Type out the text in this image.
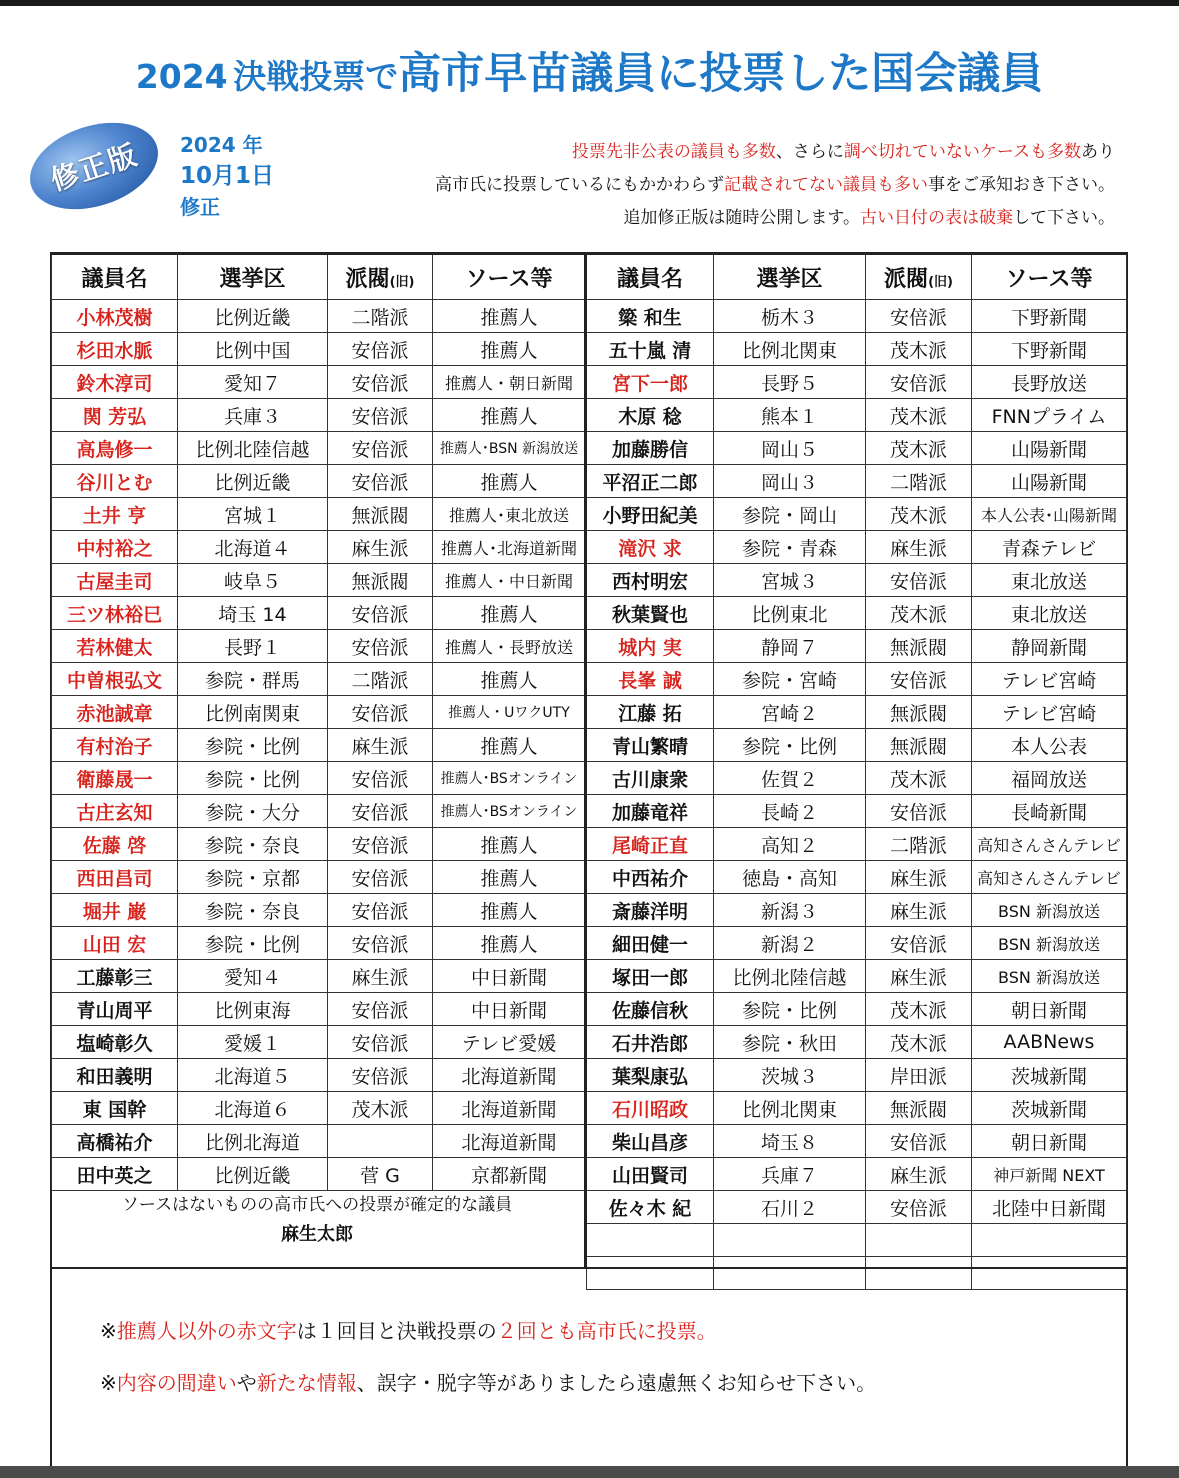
2024 決戦投票で高市早苗議員に投票した国会議員
修正版 2024 年
10月1日
修正
投票先非公表の議員も多数、さらに調べ切れていないケースも多数あり
高市氏に投票しているにもかかわらず記載されてない議員も多い事をご承知おき下さい。
追加修正版は随時公開します。古い日付の表は破棄して下さい。
議員名	選挙区	派閥(旧)	ソース等
小林茂樹	比例近畿	二階派	推薦人
杉田水脈	比例中国	安倍派	推薦人
鈴木淳司	愛知７	安倍派	推薦人・朝日新聞
関 芳弘	兵庫３	安倍派	推薦人
高鳥修一	比例北陸信越	安倍派	推薦人･BSN 新潟放送
谷川とむ	比例近畿	安倍派	推薦人
土井 亨	宮城１	無派閥	推薦人･東北放送
中村裕之	北海道４	麻生派	推薦人･北海道新聞
古屋圭司	岐阜５	無派閥	推薦人・中日新聞
三ツ林裕巳	埼玉 14	安倍派	推薦人
若林健太	長野１	安倍派	推薦人・長野放送
中曽根弘文	参院・群馬	二階派	推薦人
赤池誠章	比例南関東	安倍派	推薦人・UワクUTY
有村治子	参院・比例	麻生派	推薦人
衛藤晟一	参院・比例	安倍派	推薦人･BSオンライン
古庄玄知	参院・大分	安倍派	推薦人･BSオンライン
佐藤 啓	参院・奈良	安倍派	推薦人
西田昌司	参院・京都	安倍派	推薦人
堀井 巌	参院・奈良	安倍派	推薦人
山田 宏	参院・比例	安倍派	推薦人
工藤彰三	愛知４	麻生派	中日新聞
青山周平	比例東海	安倍派	中日新聞
塩崎彰久	愛媛１	安倍派	テレビ愛媛
和田義明	北海道５	安倍派	北海道新聞
東 国幹	北海道６	茂木派	北海道新聞
高橋祐介	比例北海道		北海道新聞
田中英之	比例近畿	菅 G	京都新聞
議員名	選挙区	派閥(旧)	ソース等
簗 和生	栃木３	安倍派	下野新聞
五十嵐 清	比例北関東	茂木派	下野新聞
宮下一郎	長野５	安倍派	長野放送
木原 稔	熊本１	茂木派	FNNプライム
加藤勝信	岡山５	茂木派	山陽新聞
平沼正二郎	岡山３	二階派	山陽新聞
小野田紀美	参院・岡山	茂木派	本人公表･山陽新聞
滝沢 求	参院・青森	麻生派	青森テレビ
西村明宏	宮城３	安倍派	東北放送
秋葉賢也	比例東北	茂木派	東北放送
城内 実	静岡７	無派閥	静岡新聞
長峯 誠	参院・宮崎	安倍派	テレビ宮崎
江藤 拓	宮崎２	無派閥	テレビ宮崎
青山繁晴	参院・比例	無派閥	本人公表
古川康衆	佐賀２	茂木派	福岡放送
加藤竜祥	長崎２	安倍派	長崎新聞
尾崎正直	高知２	二階派	高知さんさんテレビ
中西祐介	徳島・高知	麻生派	高知さんさんテレビ
斎藤洋明	新潟３	麻生派	BSN 新潟放送
細田健一	新潟２	安倍派	BSN 新潟放送
塚田一郎	比例北陸信越	麻生派	BSN 新潟放送
佐藤信秋	参院・比例	茂木派	朝日新聞
石井浩郎	参院・秋田	茂木派	AABNews
葉梨康弘	茨城３	岸田派	茨城新聞
石川昭政	比例北関東	無派閥	茨城新聞
柴山昌彦	埼玉８	安倍派	朝日新聞
山田賢司	兵庫７	麻生派	神戸新聞 NEXT
佐々木 紀	石川２	安倍派	北陸中日新聞

ソースはないものの高市氏への投票が確定的な議員
麻生太郎
※推薦人以外の赤文字は１回目と決戦投票の２回とも高市氏に投票。
※内容の間違いや新たな情報、誤字・脱字等がありましたら遠慮無くお知らせ下さい。
